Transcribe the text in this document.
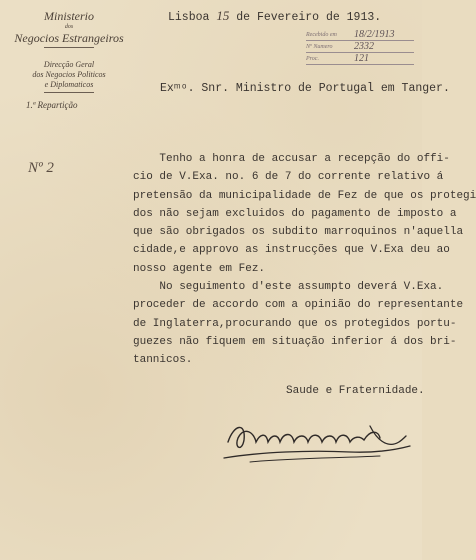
Ministerio
dos
Negocios Estrangeiros
Direcção Geral
dos Negocios Politicos
e Diplomaticos
1.ª Repartição
Nº 2
Lisboa 15 de Fevereiro de 1913.
Recebido em	18/2/1913
Nº Numero	2332
Proc.	121
Exᵐᵒ. Snr. Ministro de Portugal em Tanger.
Tenho a honra de accusar a recepção do offi-
cio de V.Exa. no. 6 de 7 do corrente relativo á
pretensão da municipalidade de Fez de que os protegi
dos não sejam excluidos do pagamento de imposto a
que são obrigados os subdito marroquinos n'aquella
cidade,e approvo as instrucções que V.Exa deu ao
nosso agente em Fez.
No seguimento d'este assumpto deverá V.Exa.
proceder de accordo com a opinião do representante
de Inglaterra,procurando que os protegidos portu-
guezes não fiquem em situação inferior á dos bri-
tannicos.
Saude e Fraternidade.
